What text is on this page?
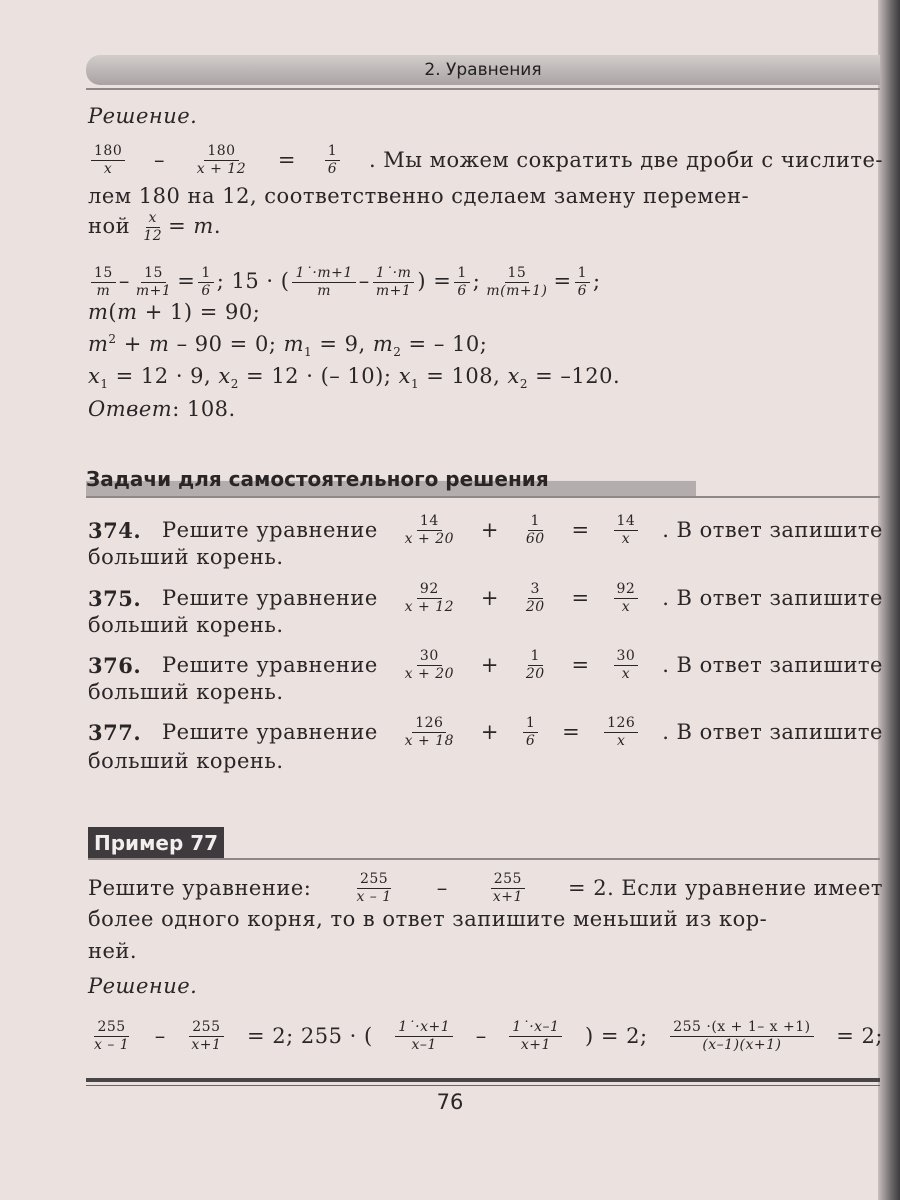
2. Уравнения
Решение.
$\frac{180}{x} - \frac{180}{x + 12} = \frac{1}{6}$ . Мы можем сократить две дроби с числите-
лем 180 на 12, соответственно сделаем замену перемен-
ной $\frac{x}{12} = m$.
$\frac{15}{m} - \frac{15}{m+1} = \frac{1}{6}$ ; 15 · ( $\frac{1˙\cdot m+1}{m} - \frac{1˙\cdot m}{m+1}$ ) = $\frac{1}{6}$ ; $\frac{15}{m(m+1)} = \frac{1}{6}$ ;
m(m + 1) = 90;
$m^2 + m - 90 = 0$; $m_1 = 9$, $m_2$ = – 10;
$x_1 = 12 \cdot 9$, $x_2 = 12$ · (– 10); $x_1 = 108$, $x_2 = -120$.
Ответ: 108.
Задачи для самостоятельного решения
374. Решите уравнение $\frac{14}{x + 20} + \frac{1}{60} = \frac{14}{x}$ . В ответ запишите
больший корень.
375. Решите уравнение $\frac{92}{x + 12} + \frac{3}{20} = \frac{92}{x}$ . В ответ запишите
больший корень.
376. Решите уравнение $\frac{30}{x + 20} + \frac{1}{20} = \frac{30}{x}$ . В ответ запишите
больший корень.
377. Решите уравнение $\frac{126}{x + 18} + \frac{1}{6} = \frac{126}{x}$ . В ответ запишите
больший корень.
Пример 77
Решите уравнение:	$\frac{255}{x - 1}$ –	$\frac{255}{x+1} = 2$. Если уравнение имеет
более одного корня, то в ответ запишите меньший из кор-
ней.
Решение.
$\frac{255}{x - 1} - \frac{255}{x+1} = 2$; 255 · ( $\frac{1˙\cdot x+1}{x-1} - \frac{1˙\cdot x-1}{x+1}$ ) = 2; $\frac{255 \cdot(x + 1- x +1)}{(x-1)(x+1)} = 2$;
76
